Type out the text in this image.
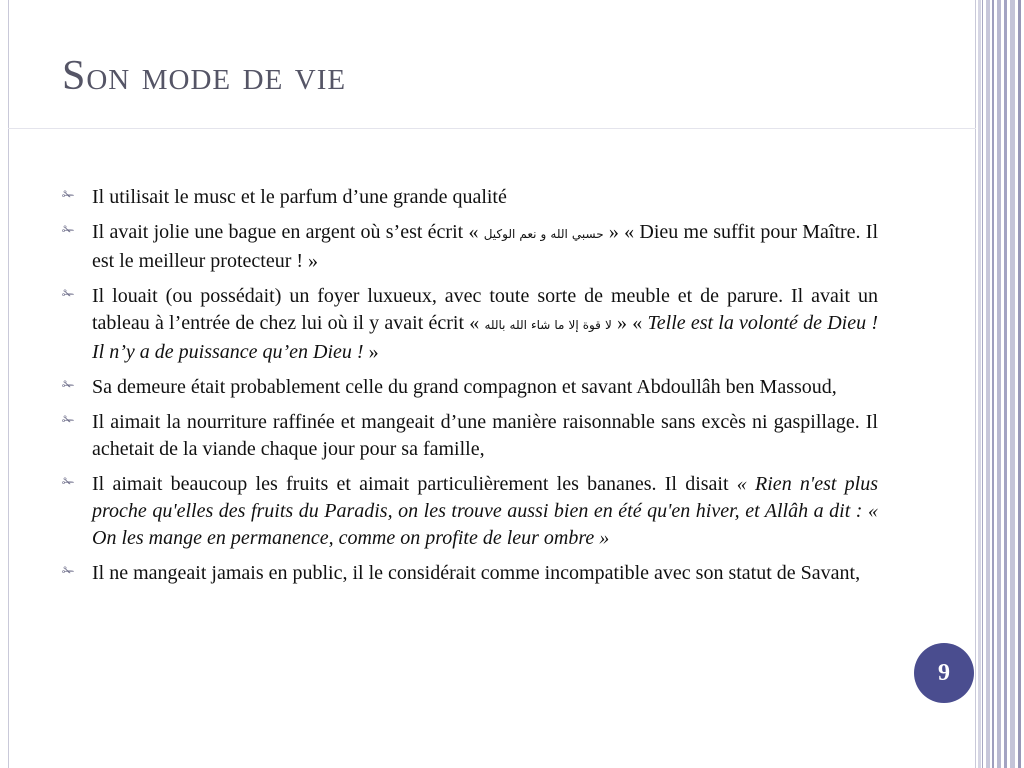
Son mode de vie
✁ Il utilisait le musc et le parfum d’une grande qualité
✁ Il avait jolie une bague en argent où s’est écrit « حسبي الله و نعم الوكيل » « Dieu me suffit pour Maître. Il est le meilleur protecteur ! »
✁ Il louait (ou possédait) un foyer luxueux, avec toute sorte de meuble et de parure. Il avait un tableau à l’entrée de chez lui où il y avait écrit « لا قوة إلا ما شاء الله بالله » « Telle est la volonté de Dieu ! Il n’y a de puissance qu’en Dieu ! »
✁ Sa demeure était probablement celle du grand compagnon et savant Abdoullâh ben Massoud,
✁ Il aimait la nourriture raffinée et mangeait d’une manière raisonnable sans excès ni gaspillage. Il achetait de la viande chaque jour pour sa famille,
✁ Il aimait beaucoup les fruits et aimait particulièrement les bananes. Il disait « Rien n'est plus proche qu'elles des fruits du Paradis, on les trouve aussi bien en été qu'en hiver, et Allâh a dit : « On les mange en permanence, comme on profite de leur ombre »
✁ Il ne mangeait jamais en public, il le considérait comme incompatible avec son statut de Savant,
9
